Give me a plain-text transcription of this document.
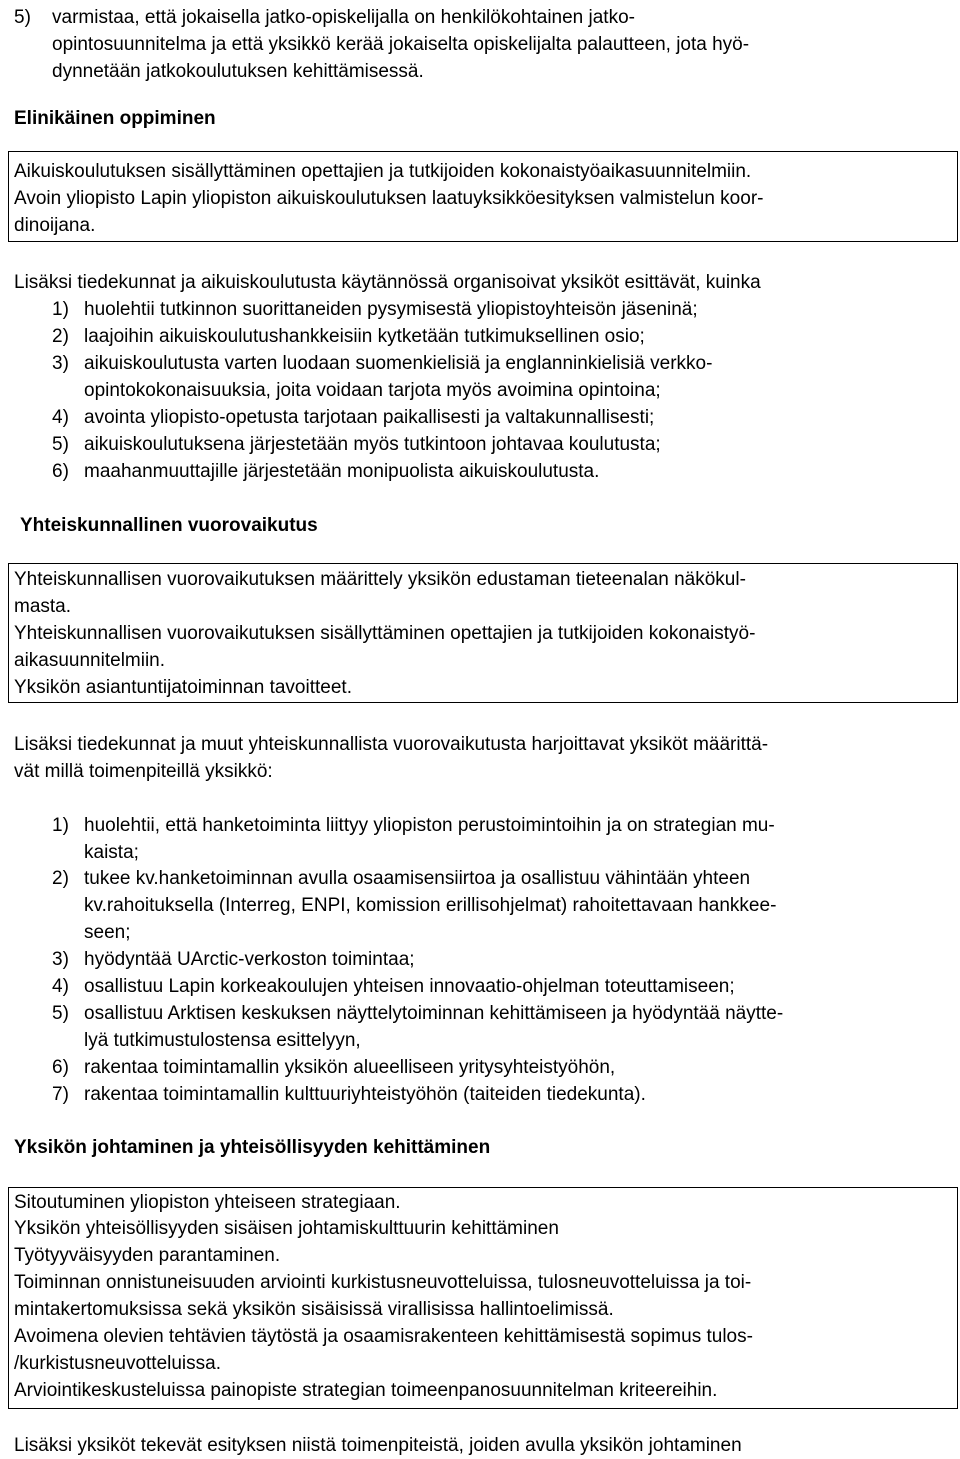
5) varmistaa, että jokaisella jatko-opiskelijalla on henkilökohtainen jatko-
opintosuunnitelma ja että yksikkö kerää jokaiselta opiskelijalta palautteen, jota hyö-
dynnetään jatkokoulutuksen kehittämisessä.
Elinikäinen oppiminen
Aikuiskoulutuksen sisällyttäminen opettajien ja tutkijoiden kokonaistyöaikasuunnitelmiin.
Avoin yliopisto Lapin yliopiston aikuiskoulutuksen laatuyksikköesityksen valmistelun koor-
dinoijana.
Lisäksi tiedekunnat ja aikuiskoulutusta käytännössä organisoivat yksiköt esittävät, kuinka
1) huolehtii tutkinnon suorittaneiden pysymisestä yliopistoyhteisön jäseninä;
2) laajoihin aikuiskoulutushankkeisiin kytketään tutkimuksellinen osio;
3) aikuiskoulutusta varten luodaan suomenkielisiä ja englanninkielisiä verkko-
opintokokonaisuuksia, joita voidaan tarjota myös avoimina opintoina;
4) avointa yliopisto-opetusta tarjotaan paikallisesti ja valtakunnallisesti;
5) aikuiskoulutuksena järjestetään myös tutkintoon johtavaa koulutusta;
6) maahanmuuttajille järjestetään monipuolista aikuiskoulutusta.
Yhteiskunnallinen vuorovaikutus
Yhteiskunnallisen vuorovaikutuksen määrittely yksikön edustaman tieteenalan näkökul-
masta.
Yhteiskunnallisen vuorovaikutuksen sisällyttäminen opettajien ja tutkijoiden kokonaistyö-
aikasuunnitelmiin.
Yksikön asiantuntijatoiminnan tavoitteet.
Lisäksi tiedekunnat ja muut yhteiskunnallista vuorovaikutusta harjoittavat yksiköt määrittä-
vät millä toimenpiteillä yksikkö:
1) huolehtii, että hanketoiminta liittyy yliopiston perustoimintoihin ja on strategian mu-
kaista;
2) tukee kv.hanketoiminnan avulla osaamisensiirtoa ja osallistuu vähintään yhteen
kv.rahoituksella (Interreg, ENPI, komission erillisohjelmat) rahoitettavaan hankkee-
seen;
3) hyödyntää UArctic-verkoston toimintaa;
4) osallistuu Lapin korkeakoulujen yhteisen innovaatio-ohjelman toteuttamiseen;
5) osallistuu Arktisen keskuksen näyttelytoiminnan kehittämiseen ja hyödyntää näytte-
lyä tutkimustulostensa esittelyyn,
6) rakentaa toimintamallin yksikön alueelliseen yritysyhteistyöhön,
7) rakentaa toimintamallin kulttuuriyhteistyöhön (taiteiden tiedekunta).
Yksikön johtaminen ja yhteisöllisyyden kehittäminen
Sitoutuminen yliopiston yhteiseen strategiaan.
Yksikön yhteisöllisyyden sisäisen johtamiskulttuurin kehittäminen
Työtyyväisyyden parantaminen.
Toiminnan onnistuneisuuden arviointi kurkistusneuvotteluissa, tulosneuvotteluissa ja toi-
mintakertomuksissa sekä yksikön sisäisissä virallisissa hallintoelimissä.
Avoimena olevien tehtävien täytöstä ja osaamisrakenteen kehittämisestä sopimus tulos-
/kurkistusneuvotteluissa.
Arviointikeskusteluissa painopiste strategian toimeenpanosuunnitelman kriteereihin.
Lisäksi yksiköt tekevät esityksen niistä toimenpiteistä, joiden avulla yksikön johtaminen
